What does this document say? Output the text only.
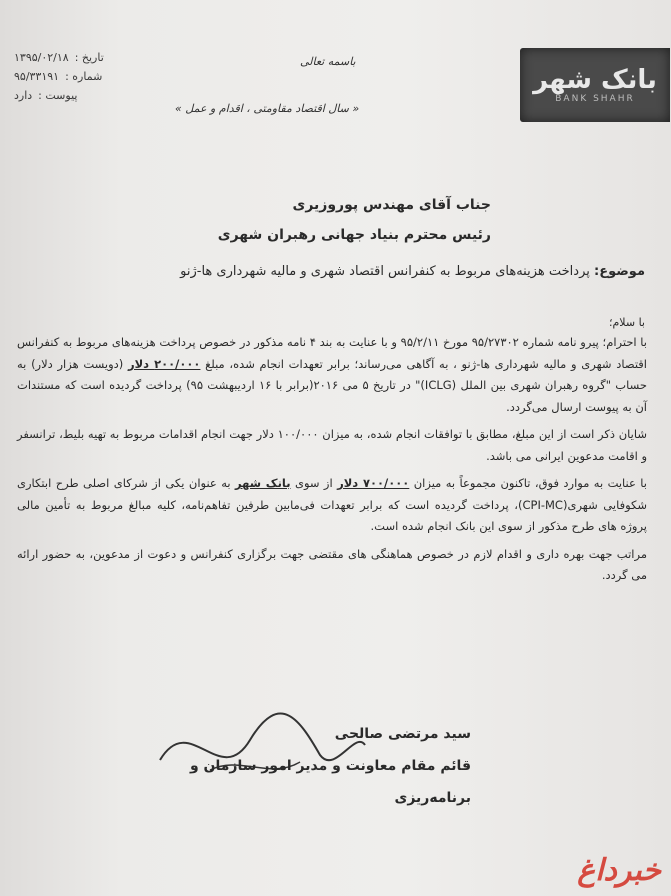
بانک شهر
BANK SHAHR
تاریخ :
۱۳۹۵/۰۲/۱۸
شماره :
۹۵/۳۳۱۹۱
پیوست :
دارد
باسمه تعالی
« سال اقتصاد مقاومتی ، اقدام و عمل »
جناب آقای مهندس پوروزیری
رئیس محترم بنیاد جهانی رهبران شهری
موضوع: پرداخت هزینه‌های مربوط به کنفرانس اقتصاد شهری و مالیه شهرداری ها-ژنو
با سلام؛

با احترام؛ پیرو نامه شماره ۹۵/۲۷۳۰۲ مورخ ۹۵/۲/۱۱ و با عنایت به بند ۴ نامه مذکور در خصوص پرداخت هزینه‌های مربوط به کنفرانس اقتصاد شهری و مالیه شهرداری ها-ژنو ، به آگاهی می‌رساند؛ برابر تعهدات انجام شده، مبلغ ۲۰۰/۰۰۰ دلار (دویست هزار دلار) به حساب "گروه رهبران شهری بین الملل (ICLG)" در تاریخ ۵ می ۲۰۱۶(برابر با ۱۶ اردیبهشت ۹۵) پرداخت گردیده است که مستندات آن به پیوست ارسال می‌گردد.

شایان ذکر است از این مبلغ، مطابق با توافقات انجام شده، به میزان ۱۰۰/۰۰۰ دلار جهت انجام اقدامات مربوط به تهیه بلیط، ترانسفر و اقامت مدعوین ایرانی می باشد.

با عنایت به موارد فوق، تاکنون مجموعاً به میزان ۷۰۰/۰۰۰ دلار از سوی بانک شهر به عنوان یکی از شرکای اصلی طرح ابتکاری شکوفایی شهری(CPI-MC)، پرداخت گردیده است که برابر تعهدات فی‌مابین طرفین تفاهم‌نامه، کلیه مبالغ مربوط به تأمین مالی پروژه های طرح مذکور از سوی این بانک انجام شده است.

مراتب جهت بهره داری و اقدام لازم در خصوص هماهنگی های مقتضی جهت برگزاری کنفرانس و دعوت از مدعوین، به حضور ارائه می گردد.

سید مرتضی صالحی
قائم مقام معاونت و مدیر امور سازمان و برنامه‌ریزی
خبرداغ
